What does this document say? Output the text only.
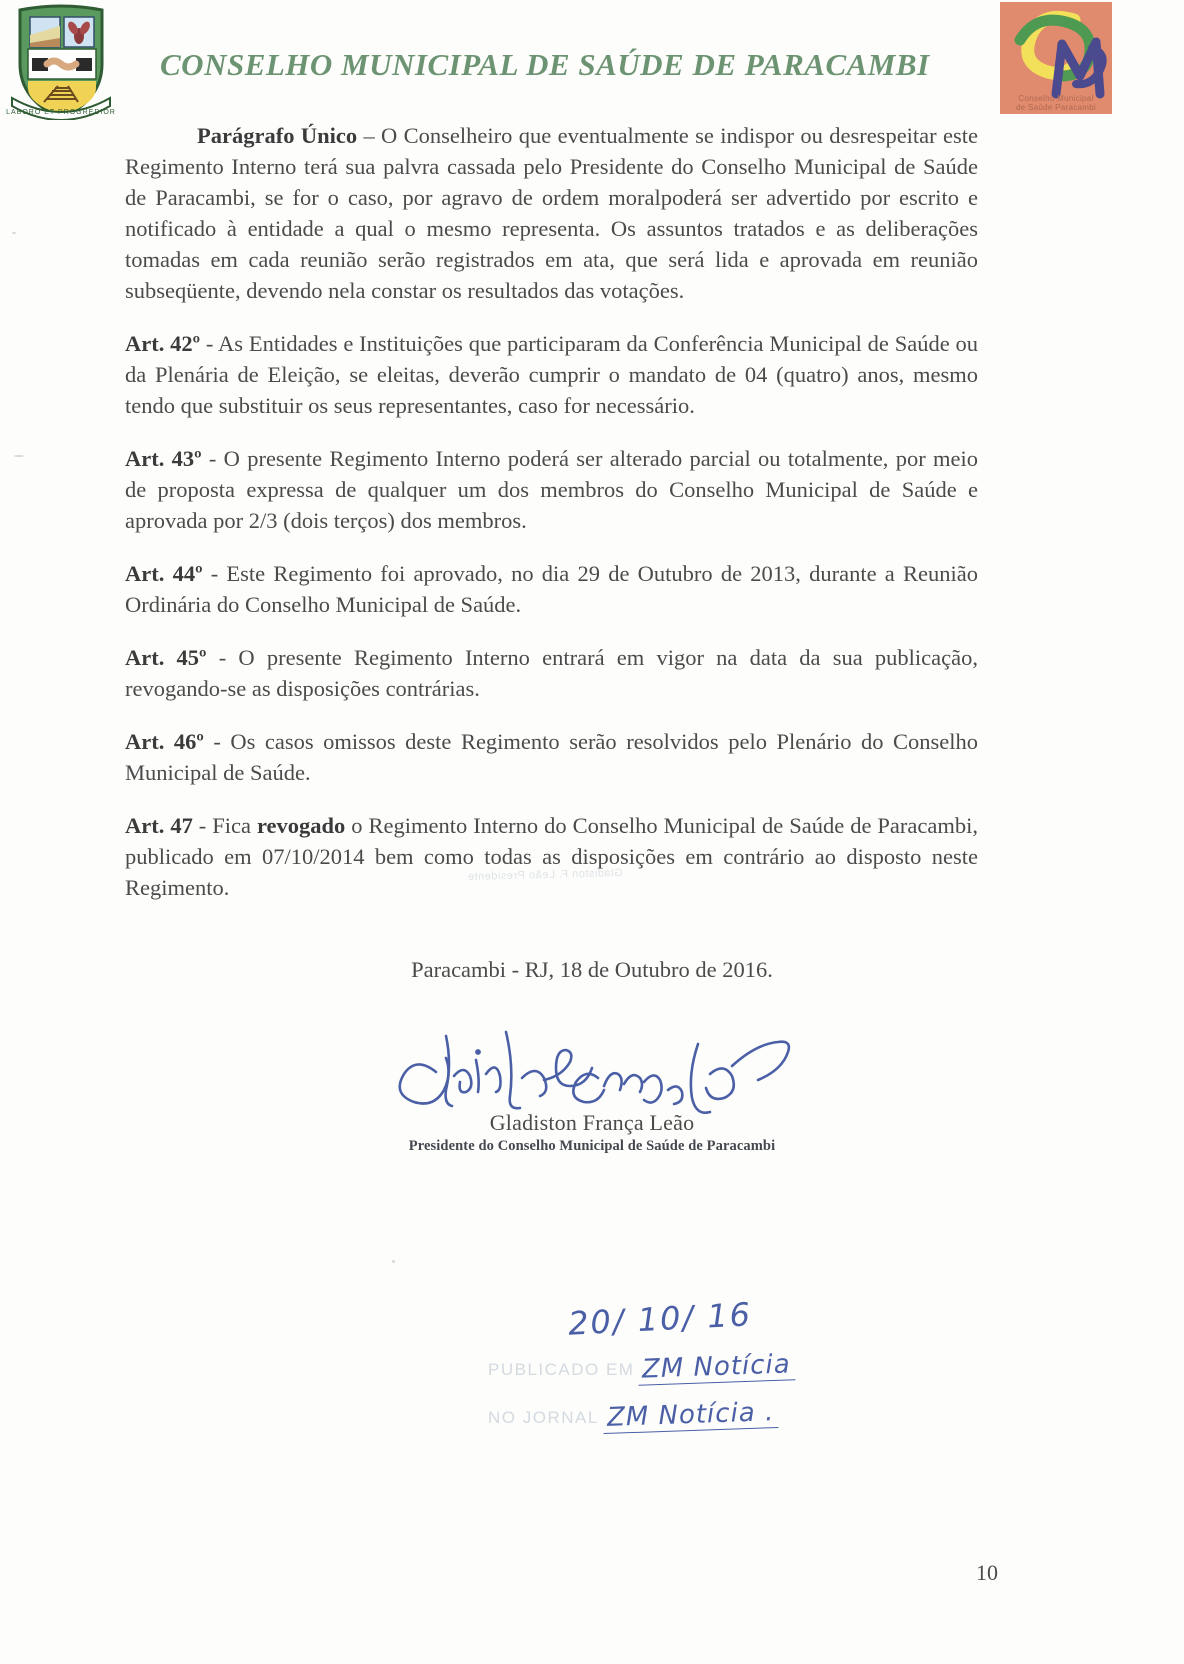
LABORO ET PROGREDIOR
CONSELHO MUNICIPAL DE SAÚDE DE PARACAMBI
Conselho Municipal
de Saúde Paracambi

Parágrafo Único – O Conselheiro que eventualmente se indispor ou desrespeitar este Regimento Interno terá sua palvra cassada pelo Presidente do Conselho Municipal de Saúde de Paracambi, se for o caso, por agravo de ordem moralpoderá ser advertido por escrito e notificado à entidade a qual o mesmo representa. Os assuntos tratados e as deliberações tomadas em cada reunião serão registrados em ata, que será lida e aprovada em reunião subseqüente, devendo nela constar os resultados das votações.

Art. 42º - As Entidades e Instituições que participaram da Conferência Municipal de Saúde ou da Plenária de Eleição, se eleitas, deverão cumprir o mandato de 04 (quatro) anos, mesmo tendo que substituir os seus representantes, caso for necessário.

Art. 43º - O presente Regimento Interno poderá ser alterado parcial ou totalmente, por meio de proposta expressa de qualquer um dos membros do Conselho Municipal de Saúde e aprovada por 2/3 (dois terços) dos membros.

Art. 44º - Este Regimento foi aprovado, no dia 29 de Outubro de 2013, durante a Reunião Ordinária do Conselho Municipal de Saúde.

Art. 45º - O presente Regimento Interno entrará em vigor na data da sua publicação, revogando-se as disposições contrárias.

Art. 46º - Os casos omissos deste Regimento serão resolvidos pelo Plenário do Conselho Municipal de Saúde.

Art. 47 - Fica revogado o Regimento Interno do Conselho Municipal de Saúde de Paracambi, publicado em 07/10/2014 bem como todas as disposições em contrário ao disposto neste Regimento.

Gladiston F. Leão Presidente
Paracambi - RJ, 18 de Outubro de 2016.
Gladiston França Leão
Presidente do Conselho Municipal de Saúde de Paracambi
20/ 10/ 16
PUBLICADO EM ZM Notícia
NO JORNAL ZM Notícia .
10
